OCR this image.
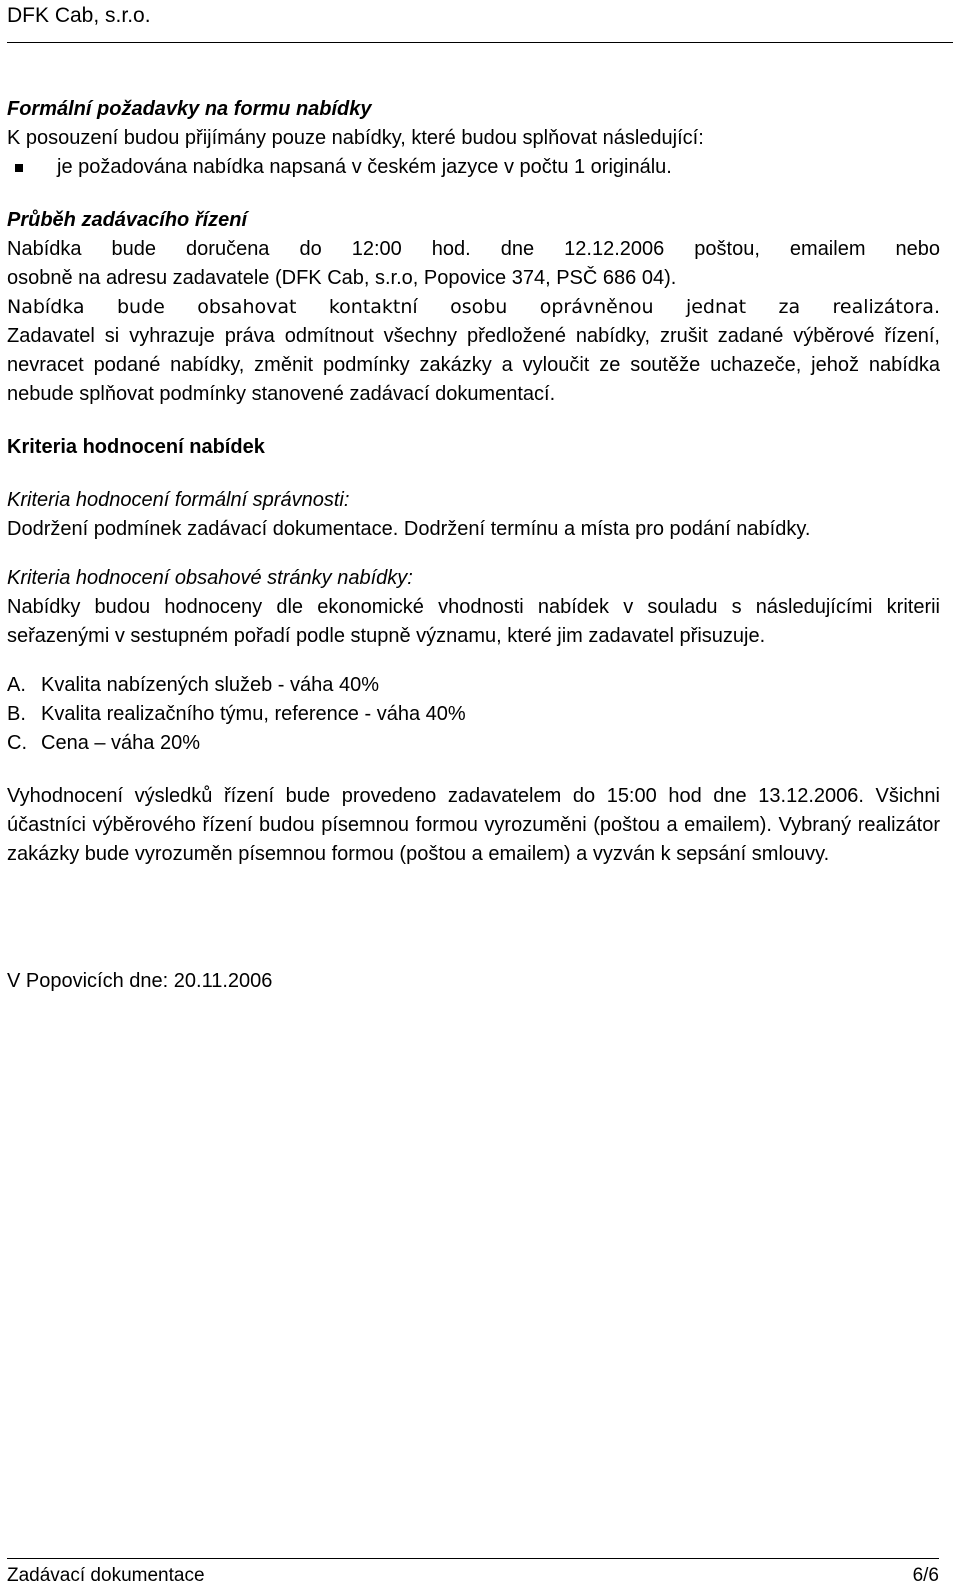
DFK Cab, s.r.o.

Formální požadavky na formu nabídky

K posouzení budou přijímány pouze nabídky, které budou splňovat následující:

je požadována nabídka napsaná v českém jazyce v počtu 1 originálu.

Průběh zadávacího řízení

Nabídka bude doručena do 12:00 hod. dne 12.12.2006 poštou, emailem nebo

osobně na adresu zadavatele (DFK Cab, s.r.o, Popovice 374, PSČ 686 04).

Nabídka bude obsahovat kontaktní osobu oprávněnou jednat za realizátora.

Zadavatel si vyhrazuje práva odmítnout všechny předložené nabídky, zrušit zadané výběrové řízení, nevracet podané nabídky, změnit podmínky zakázky a vyloučit ze soutěže uchazeče, jehož nabídka nebude splňovat podmínky stanovené zadávací dokumentací.

Kriteria hodnocení nabídek

Kriteria hodnocení formální správnosti:

Dodržení podmínek zadávací dokumentace. Dodržení termínu a místa pro podání nabídky.

Kriteria hodnocení obsahové stránky nabídky:

Nabídky budou hodnoceny dle ekonomické vhodnosti nabídek v souladu s následujícími kriterii seřazenými v sestupném pořadí podle stupně významu, které jim zadavatel přisuzuje.

A. Kvalita nabízených služeb - váha 40%
B. Kvalita realizačního týmu, reference - váha 40%
C. Cena – váha 20%

Vyhodnocení výsledků řízení bude provedeno zadavatelem do 15:00 hod dne 13.12.2006. Všichni účastníci výběrového řízení budou písemnou formou vyrozuměni (poštou a emailem). Vybraný realizátor zakázky bude vyrozuměn písemnou formou (poštou a emailem) a vyzván k sepsání smlouvy.

V Popovicích dne: 20.11.2006

Zadávací dokumentace	6/6
